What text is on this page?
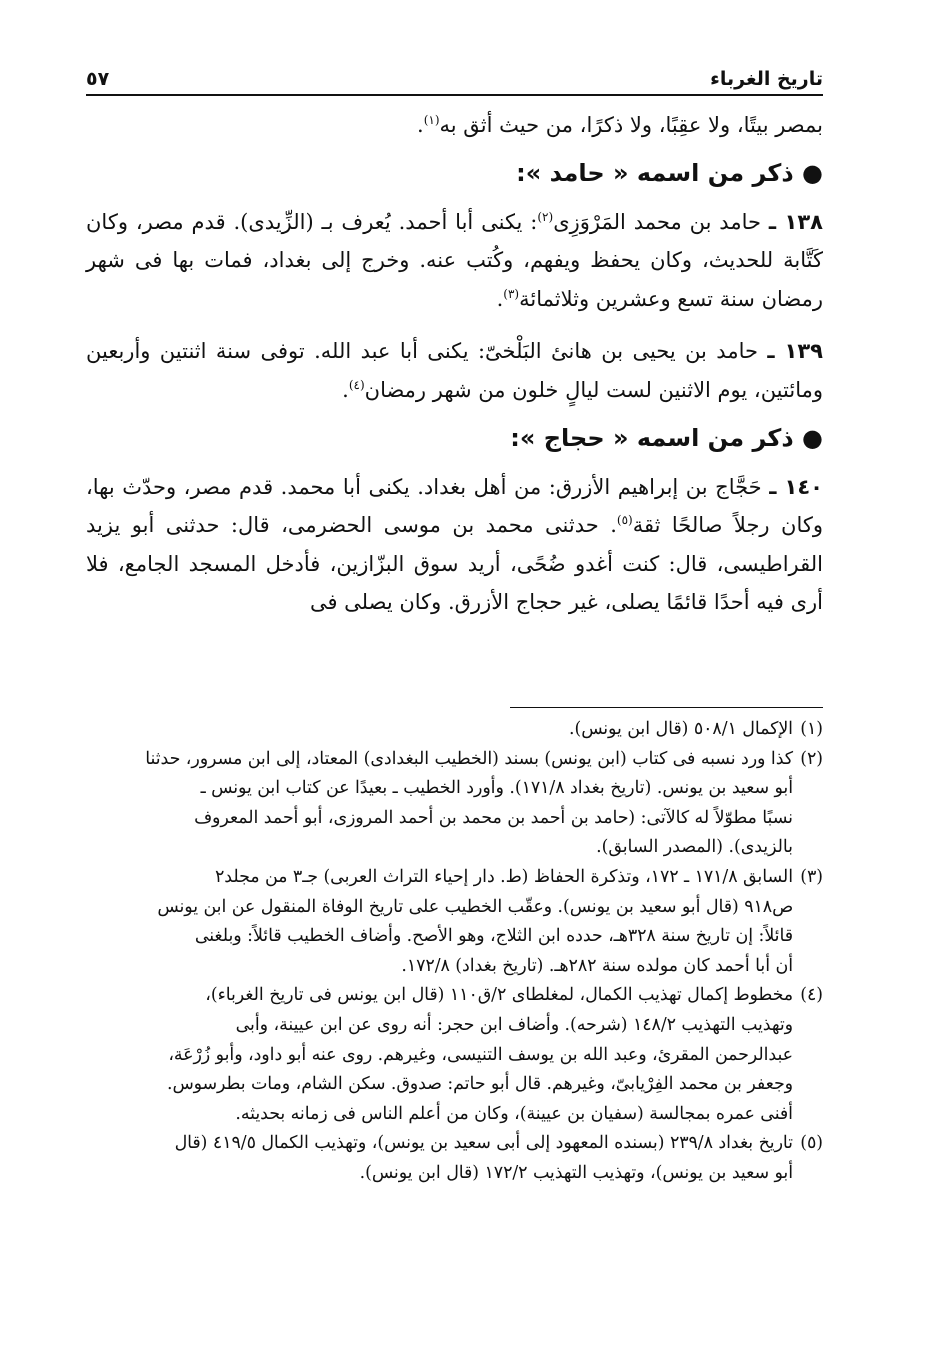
تاريخ الغرباء
٥٧

بمصر بيتًا، ولا عقِبًا، ولا ذكرًا، من حيث أثق به$^{(١)}$.

● ذكر من اسمه « حامد »:

١٣٨ ـ حامد بن محمد المَرْوَزِى$^{(٢)}$: يكنى أبا أحمد. يُعرف بـ (الزِّيدى). قدم مصر، وكان كَتَّابة للحديث، وكان يحفظ ويفهم، وكُتب عنه. وخرج إلى بغداد، فمات بها فى شهر رمضان سنة تسع وعشرين وثلاثمائة$^{(٣)}$.

١٣٩ ـ حامد بن يحيى بن هانئ البَلْخىّ: يكنى أبا عبد الله. توفى سنة اثنتين وأربعين ومائتين، يوم الاثنين لست ليالٍ خلون من شهر رمضان$^{(٤)}$.

● ذكر من اسمه « حجاج »:

١٤٠ ـ حَجَّاج بن إبراهيم الأزرق: من أهل بغداد. يكنى أبا محمد. قدم مصر، وحدّث بها، وكان رجلاً صالحًا ثقة$^{(٥)}$. حدثنى محمد بن موسى الحضرمى، قال: حدثنى أبو يزيد القراطيسى، قال: كنت أغدو ضُحًى، أريد سوق البزّازين، فأدخل المسجد الجامع، فلا أرى فيه أحدًا قائمًا يصلى، غير حجاج الأزرق. وكان يصلى فى

(١)الإكمال ٥٠٨/١ (قال ابن يونس).

(٢)كذا ورد نسبه فى كتاب (ابن يونس) بسند (الخطيب البغدادى) المعتاد، إلى ابن مسرور، حدثنا
أبو سعيد بن يونس. (تاريخ بغداد ١٧١/٨). وأورد الخطيب ـ بعيدًا عن كتاب ابن يونس ـ
نسبًا مطوّلاً له كالآتى: (حامد بن أحمد بن محمد بن أحمد المروزى، أبو أحمد المعروف
بالزيدى). (المصدر السابق).

(٣)السابق ١٧١/٨ ـ ١٧٢، وتذكرة الحفاظ (ط. دار إحياء التراث العربى) جـ٣ من مجلد٢
ص٩١٨ (قال أبو سعيد بن يونس). وعقّب الخطيب على تاريخ الوفاة المنقول عن ابن يونس
قائلاً: إن تاريخ سنة ٣٢٨هـ، حدده ابن الثلاج، وهو الأصح. وأضاف الخطيب قائلاً: وبلغنى
أن أبا أحمد كان مولده سنة ٢٨٢هـ. (تاريخ بغداد) ١٧٢/٨.

(٤)مخطوط إكمال تهذيب الكمال، لمغلطاى ٢/ق١١٠ (قال ابن يونس فى تاريخ الغرباء)،
وتهذيب التهذيب ١٤٨/٢ (شرحه). وأضاف ابن حجر: أنه روى عن ابن عيينة، وأبى
عبدالرحمن المقرئ، وعبد الله بن يوسف التنيسى، وغيرهم. روى عنه أبو داود، وأبو زُرْعَة،
وجعفر بن محمد الفِرْيابىّ، وغيرهم. قال أبو حاتم: صدوق. سكن الشام، ومات بطرسوس.
أفنى عمره بمجالسة (سفيان بن عيينة)، وكان من أعلم الناس فى زمانه بحديثه.

(٥)تاريخ بغداد ٢٣٩/٨ (بسنده المعهود إلى أبى سعيد بن يونس)، وتهذيب الكمال ٤١٩/٥ (قال
أبو سعيد بن يونس)، وتهذيب التهذيب ١٧٢/٢ (قال ابن يونس).
